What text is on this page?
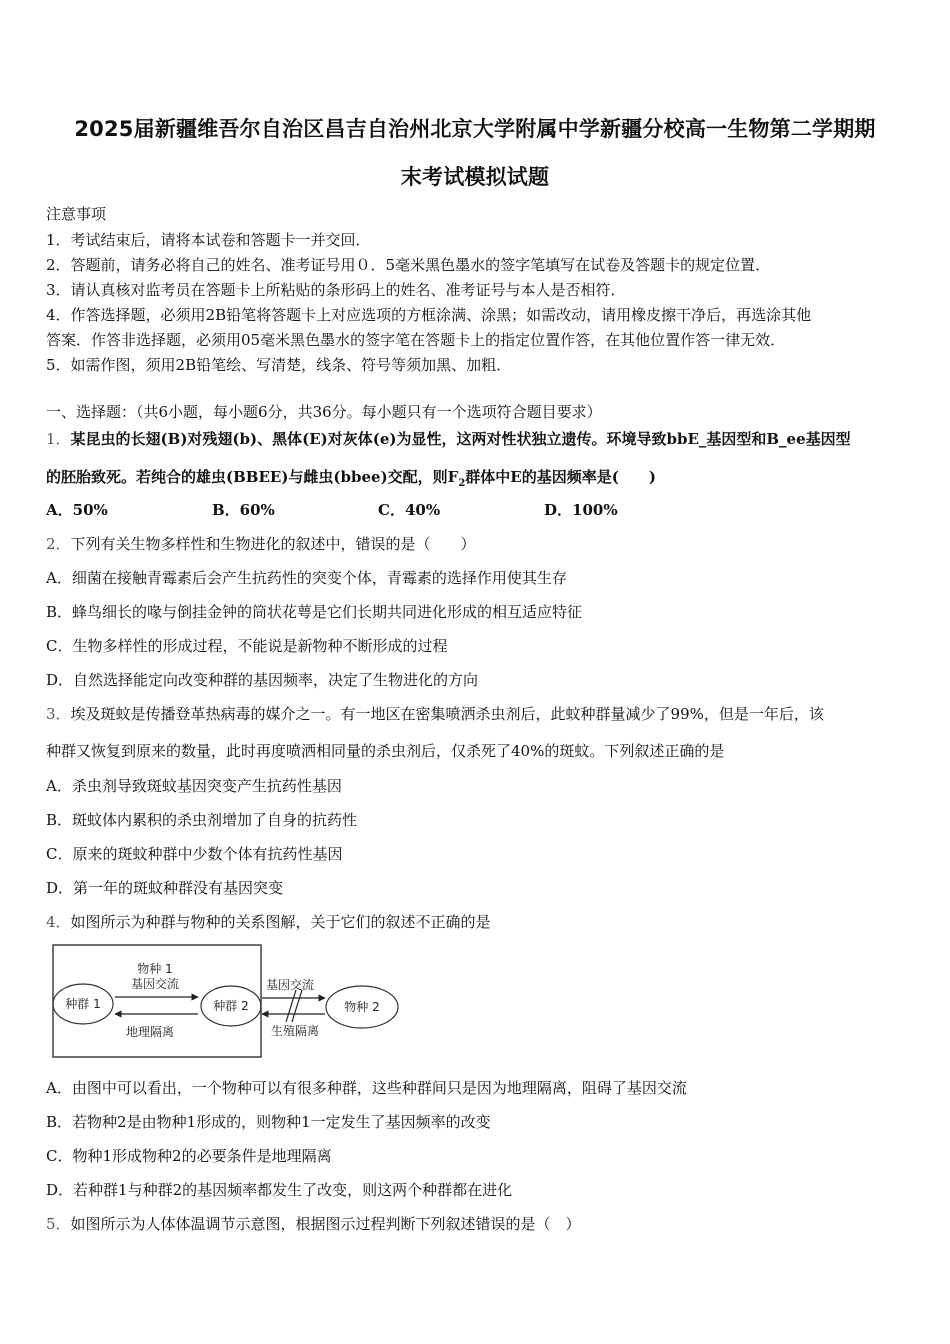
2025届新疆维吾尔自治区昌吉自治州北京大学附属中学新疆分校高一生物第二学期期
末考试模拟试题
注意事项
1．考试结束后，请将本试卷和答题卡一并交回．
2．答题前，请务必将自己的姓名、准考证号用０．5毫米黑色墨水的签字笔填写在试卷及答题卡的规定位置．
3．请认真核对监考员在答题卡上所粘贴的条形码上的姓名、准考证号与本人是否相符．
4．作答选择题，必须用2B铅笔将答题卡上对应选项的方框涂满、涂黑；如需改动，请用橡皮擦干净后，再选涂其他
答案．作答非选择题，必须用05毫米黑色墨水的签字笔在答题卡上的指定位置作答，在其他位置作答一律无效．
5．如需作图，须用2B铅笔绘、写清楚，线条、符号等须加黑、加粗．
一、选择题：（共6小题，每小题6分，共36分。每小题只有一个选项符合题目要求）
1．某昆虫的长翅(B)对残翅(b)、黑体(E)对灰体(e)为显性，这两对性状独立遗传。环境导致bbE_基因型和B_ee基因型
的胚胎致死。若纯合的雄虫(BBEE)与雌虫(bbee)交配，则$F_2$群体中E的基因频率是(　　)
A．50%	B．60%	C．40%	D．100%
2．下列有关生物多样性和生物进化的叙述中，错误的是（　　）
A．细菌在接触青霉素后会产生抗药性的突变个体，青霉素的选择作用使其生存
B．蜂鸟细长的喙与倒挂金钟的筒状花萼是它们长期共同进化形成的相互适应特征
C．生物多样性的形成过程，不能说是新物种不断形成的过程
D．自然选择能定向改变种群的基因频率，决定了生物进化的方向
3．埃及斑蚊是传播登革热病毒的媒介之一。有一地区在密集喷洒杀虫剂后，此蚊种群量减少了99%，但是一年后，该
种群又恢复到原来的数量，此时再度喷洒相同量的杀虫剂后，仅杀死了40%的斑蚊。下列叙述正确的是
A．杀虫剂导致斑蚊基因突变产生抗药性基因
B．斑蚊体内累积的杀虫剂增加了自身的抗药性
C．原来的斑蚊种群中少数个体有抗药性基因
D．第一年的斑蚊种群没有基因突变
4．如图所示为种群与物种的关系图解，关于它们的叙述不正确的是
种群 1	种群 2
物种 1
基因交流
地理隔离
基因交流
生殖隔离
物种 2
A．由图中可以看出，一个物种可以有很多种群，这些种群间只是因为地理隔离，阻碍了基因交流
B．若物种2是由物种1形成的，则物种1一定发生了基因频率的改变
C．物种1形成物种2的必要条件是地理隔离
D．若种群1与种群2的基因频率都发生了改变，则这两个种群都在进化
5．如图所示为人体体温调节示意图，根据图示过程判断下列叙述错误的是（　）
